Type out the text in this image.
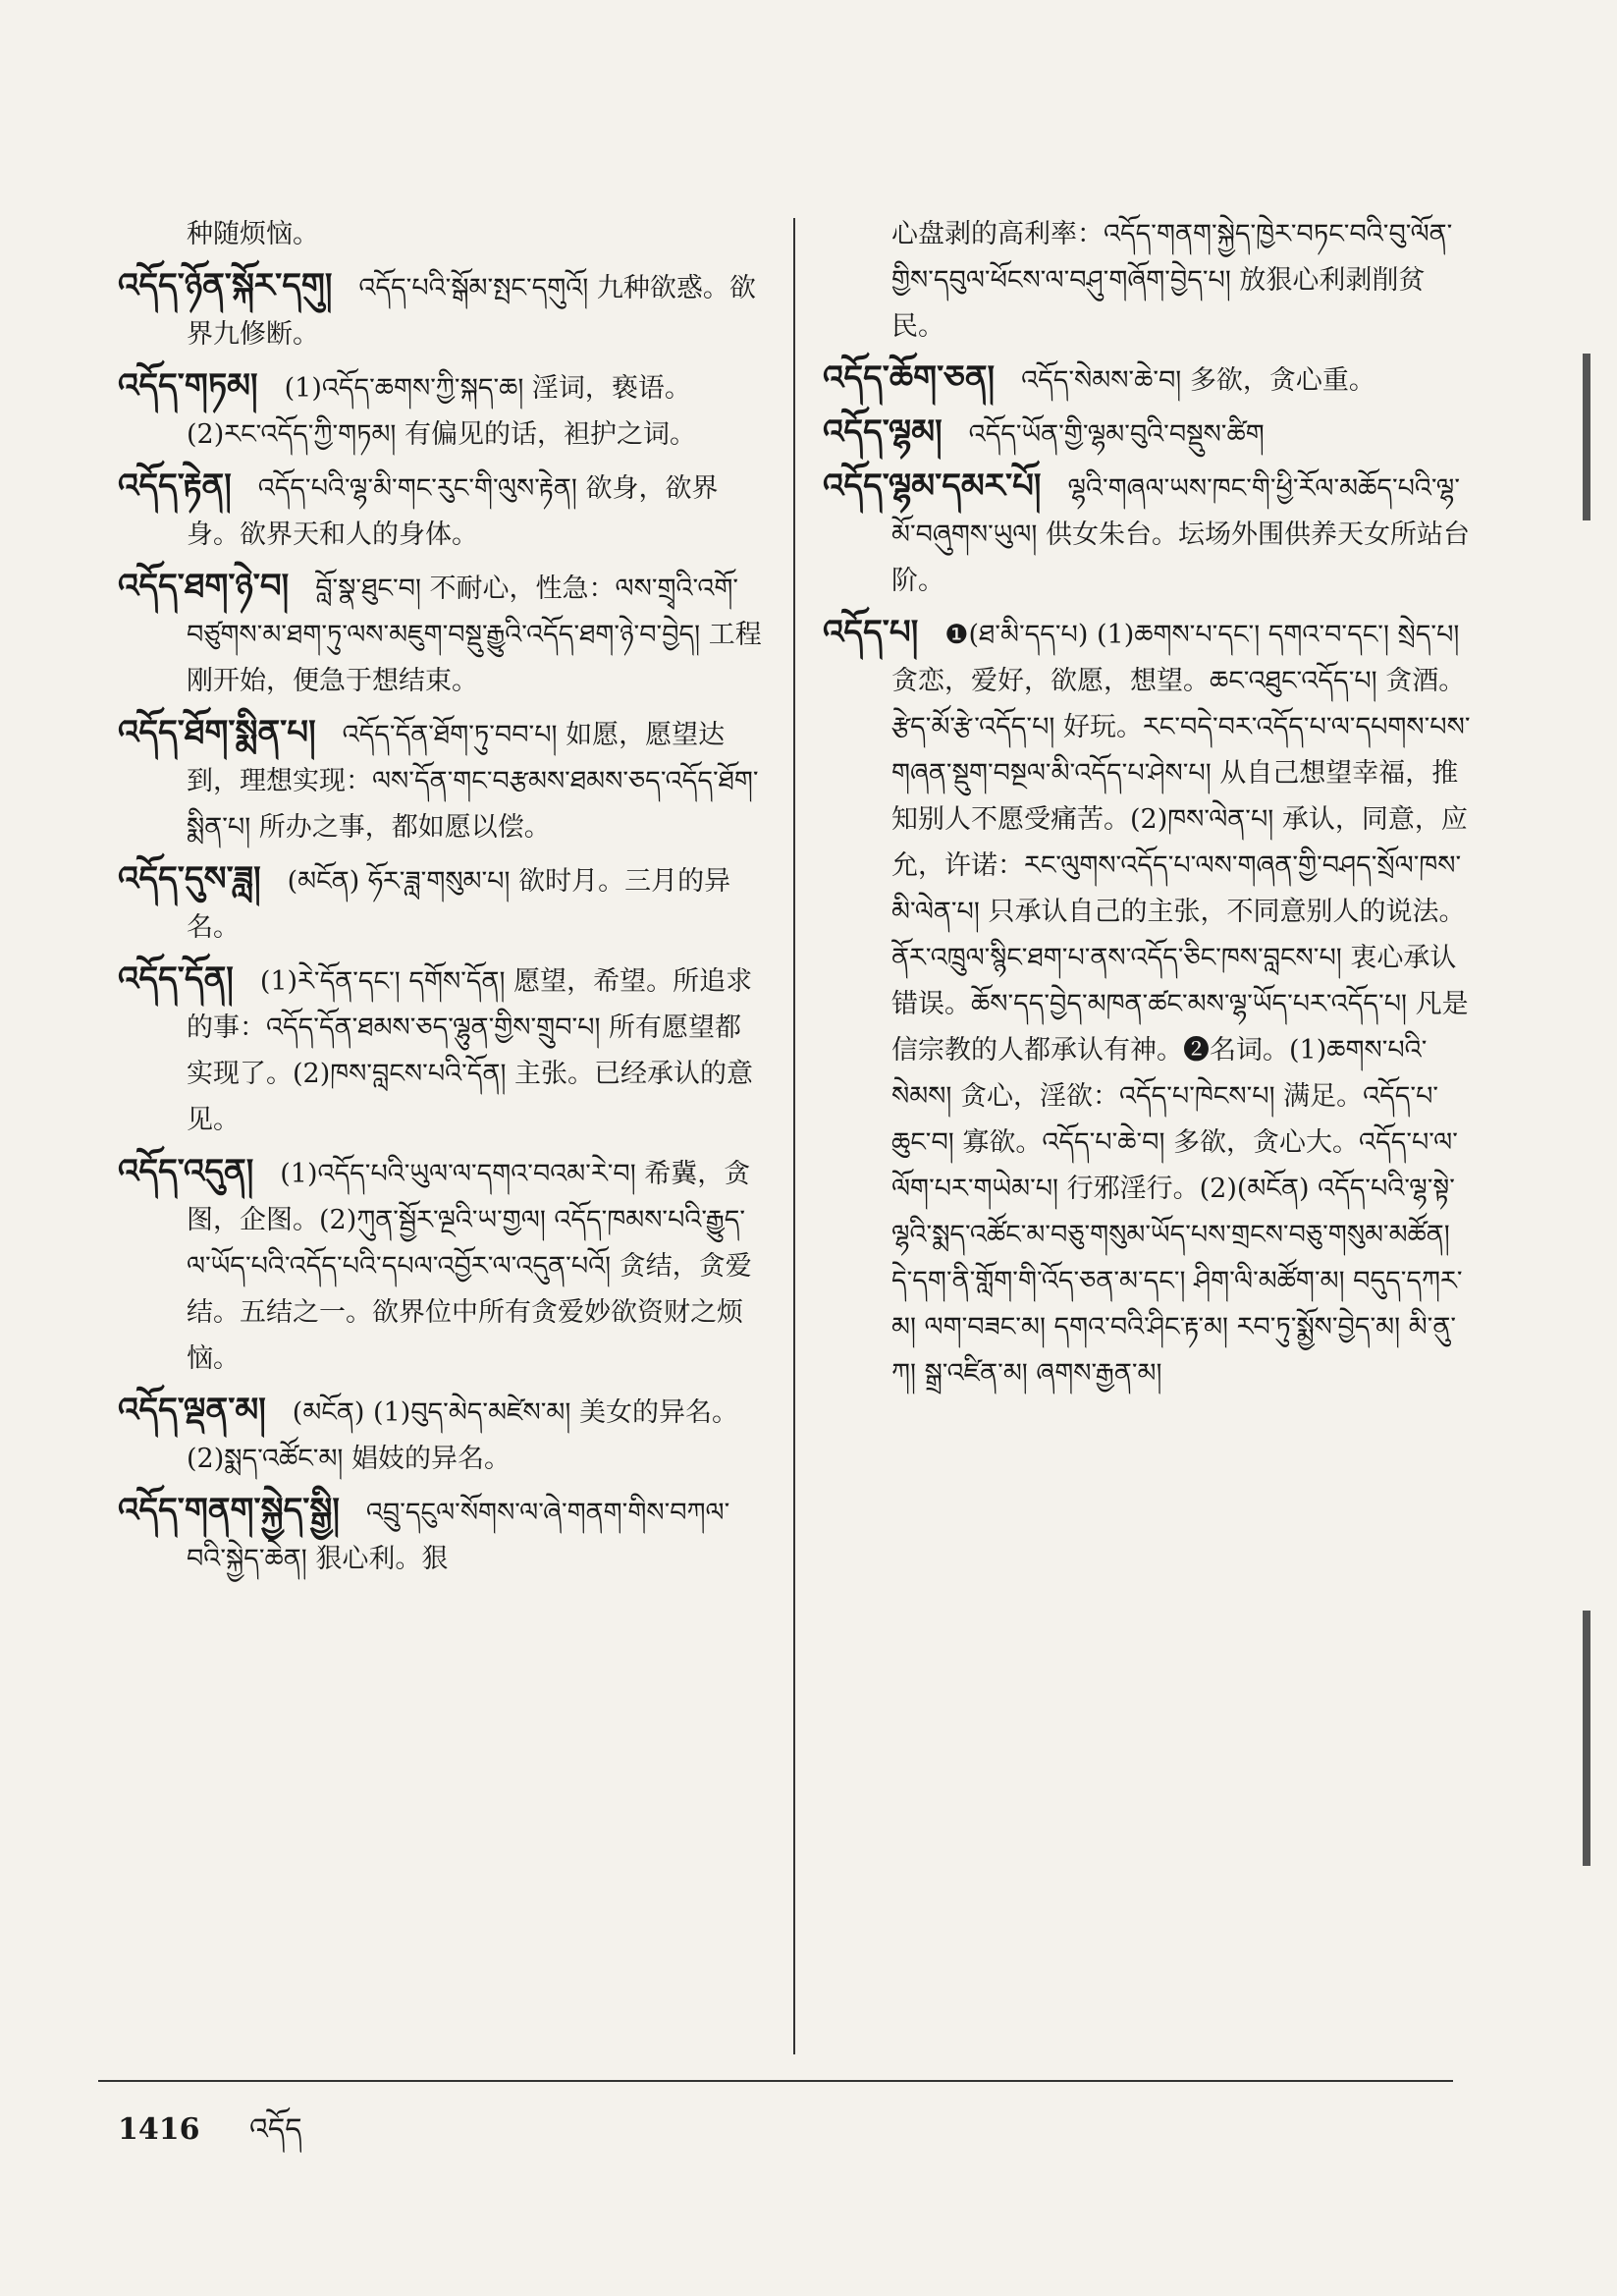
种随烦恼。
འདོད་ཉོན་སྐོར་དགུ།  འདོད་པའི་སྒོམ་སྤང་དགུའོ། 九种欲惑。欲界九修断。
འདོད་གཏམ།  (1)འདོད་ཆགས་ཀྱི་སྐད་ཆ། 淫词，亵语。(2)རང་འདོད་ཀྱི་གཏམ། 有偏见的话，袒护之词。
འདོད་རྟེན།  འདོད་པའི་ལྷ་མི་གང་རུང་གི་ལུས་རྟེན། 欲身，欲界身。欲界天和人的身体。
འདོད་ཐག་ཉེ་བ།  བློ་སྣ་ཐུང་བ། 不耐心，性急：ལས་གྲྭའི་འགོ་བཙུགས་མ་ཐག་ཏུ་ལས་མཇུག་བསྡུ་རྒྱུའི་འདོད་ཐག་ཉེ་བ་བྱེད། 工程刚开始，便急于想结束。
འདོད་ཐོག་སྨིན་པ།  འདོད་དོན་ཐོག་ཏུ་བབ་པ། 如愿，愿望达到，理想实现：ལས་དོན་གང་བརྩམས་ཐམས་ཅད་འདོད་ཐོག་སྨིན་པ། 所办之事，都如愿以偿。
འདོད་དུས་ཟླ།  (མངོན) ཧོར་ཟླ་གསུམ་པ། 欲时月。三月的异名。
འདོད་དོན།  (1)རེ་དོན་དང་། དགོས་དོན། 愿望，希望。所追求的事：འདོད་དོན་ཐམས་ཅད་ལྷུན་གྱིས་གྲུབ་པ། 所有愿望都实现了。(2)ཁས་བླངས་པའི་དོན། 主张。已经承认的意见。
འདོད་འདུན།  (1)འདོད་པའི་ཡུལ་ལ་དགའ་བའམ་རེ་བ། 希冀，贪图，企图。(2)ཀུན་སྦྱོར་ལྔའི་ཡ་གྱལ། འདོད་ཁམས་པའི་རྒྱུད་ལ་ཡོད་པའི་འདོད་པའི་དཔལ་འབྱོར་ལ་འདུན་པའོ། 贪结，贪爱结。五结之一。欲界位中所有贪爱妙欲资财之烦恼。
འདོད་ལྡན་མ།  (མངོན) (1)བུད་མེད་མཛེས་མ། 美女的异名。(2)སྨད་འཚོང་མ། 娼妓的异名。
འདོད་གནག་སྐྱེད་སྒྱི།  འབྲུ་དངུལ་སོགས་ལ་ཞེ་གནག་གིས་བཀལ་བའི་སྐྱེད་ཆེན། 狠心利。狠
心盘剥的高利率：འདོད་གནག་སྐྱེད་ཁྱེར་བཏང་བའི་བུ་ལོན་གྱིས་དབུལ་ཕོངས་ལ་བཤུ་གཞོག་བྱེད་པ། 放狠心利剥削贫民。
འདོད་ཆོག་ཅན།  འདོད་སེམས་ཆེ་བ། 多欲，贪心重。
འདོད་ལྷམ།  འདོད་ཡོན་གྱི་ལྷམ་བུའི་བསྡུས་ཚིག
འདོད་ལྷམ་དམར་པོ།  ལྷའི་གཞལ་ཡས་ཁང་གི་ཕྱི་རོལ་མཆོད་པའི་ལྷ་མོ་བཞུགས་ཡུལ། 供女朱台。坛场外围供养天女所站台阶。
འདོད་པ།  ❶(ཐ་མི་དད་པ) (1)ཆགས་པ་དང་། དགའ་བ་དང་། སྲེད་པ། 贪恋，爱好，欲愿，想望。ཆང་འཐུང་འདོད་པ། 贪酒。རྩེད་མོ་རྩེ་འདོད་པ། 好玩。རང་བདེ་བར་འདོད་པ་ལ་དཔགས་པས་གཞན་སྡུག་བསྔལ་མི་འདོད་པ་ཤེས་པ། 从自己想望幸福，推知别人不愿受痛苦。(2)ཁས་ལེན་པ། 承认，同意，应允，许诺：རང་ལུགས་འདོད་པ་ལས་གཞན་གྱི་བཤད་སྲོལ་ཁས་མི་ལེན་པ། 只承认自己的主张，不同意别人的说法。ནོར་འཁྲུལ་སྙིང་ཐག་པ་ནས་འདོད་ཅིང་ཁས་བླངས་པ། 衷心承认错误。ཆོས་དད་བྱེད་མཁན་ཚང་མས་ལྷ་ཡོད་པར་འདོད་པ། 凡是信宗教的人都承认有神。❷名词。(1)ཆགས་པའི་སེམས། 贪心，淫欲：འདོད་པ་ཁེངས་པ། 满足。འདོད་པ་ཆུང་བ། 寡欲。འདོད་པ་ཆེ་བ། 多欲，贪心大。འདོད་པ་ལ་ལོག་པར་གཡེམ་པ། 行邪淫行。(2)(མངོན) འདོད་པའི་ལྷ་སྟེ་ལྷའི་སྨད་འཚོང་མ་བཅུ་གསུམ་ཡོད་པས་གྲངས་བཅུ་གསུམ་མཚོན། དེ་དག་ནི་གློག་གི་འོད་ཅན་མ་དང་། ཤིག་ལི་མཚོག་མ། བདུད་དཀར་མ། ལག་བཟང་མ། དགའ་བའི་ཤིང་རྟ་མ། རབ་ཏུ་སྨྱོས་བྱེད་མ། མི་ནུ་ཀ། སྒྲ་འཛིན་མ། ཞགས་རྒྱན་མ།
1416 འདོད
